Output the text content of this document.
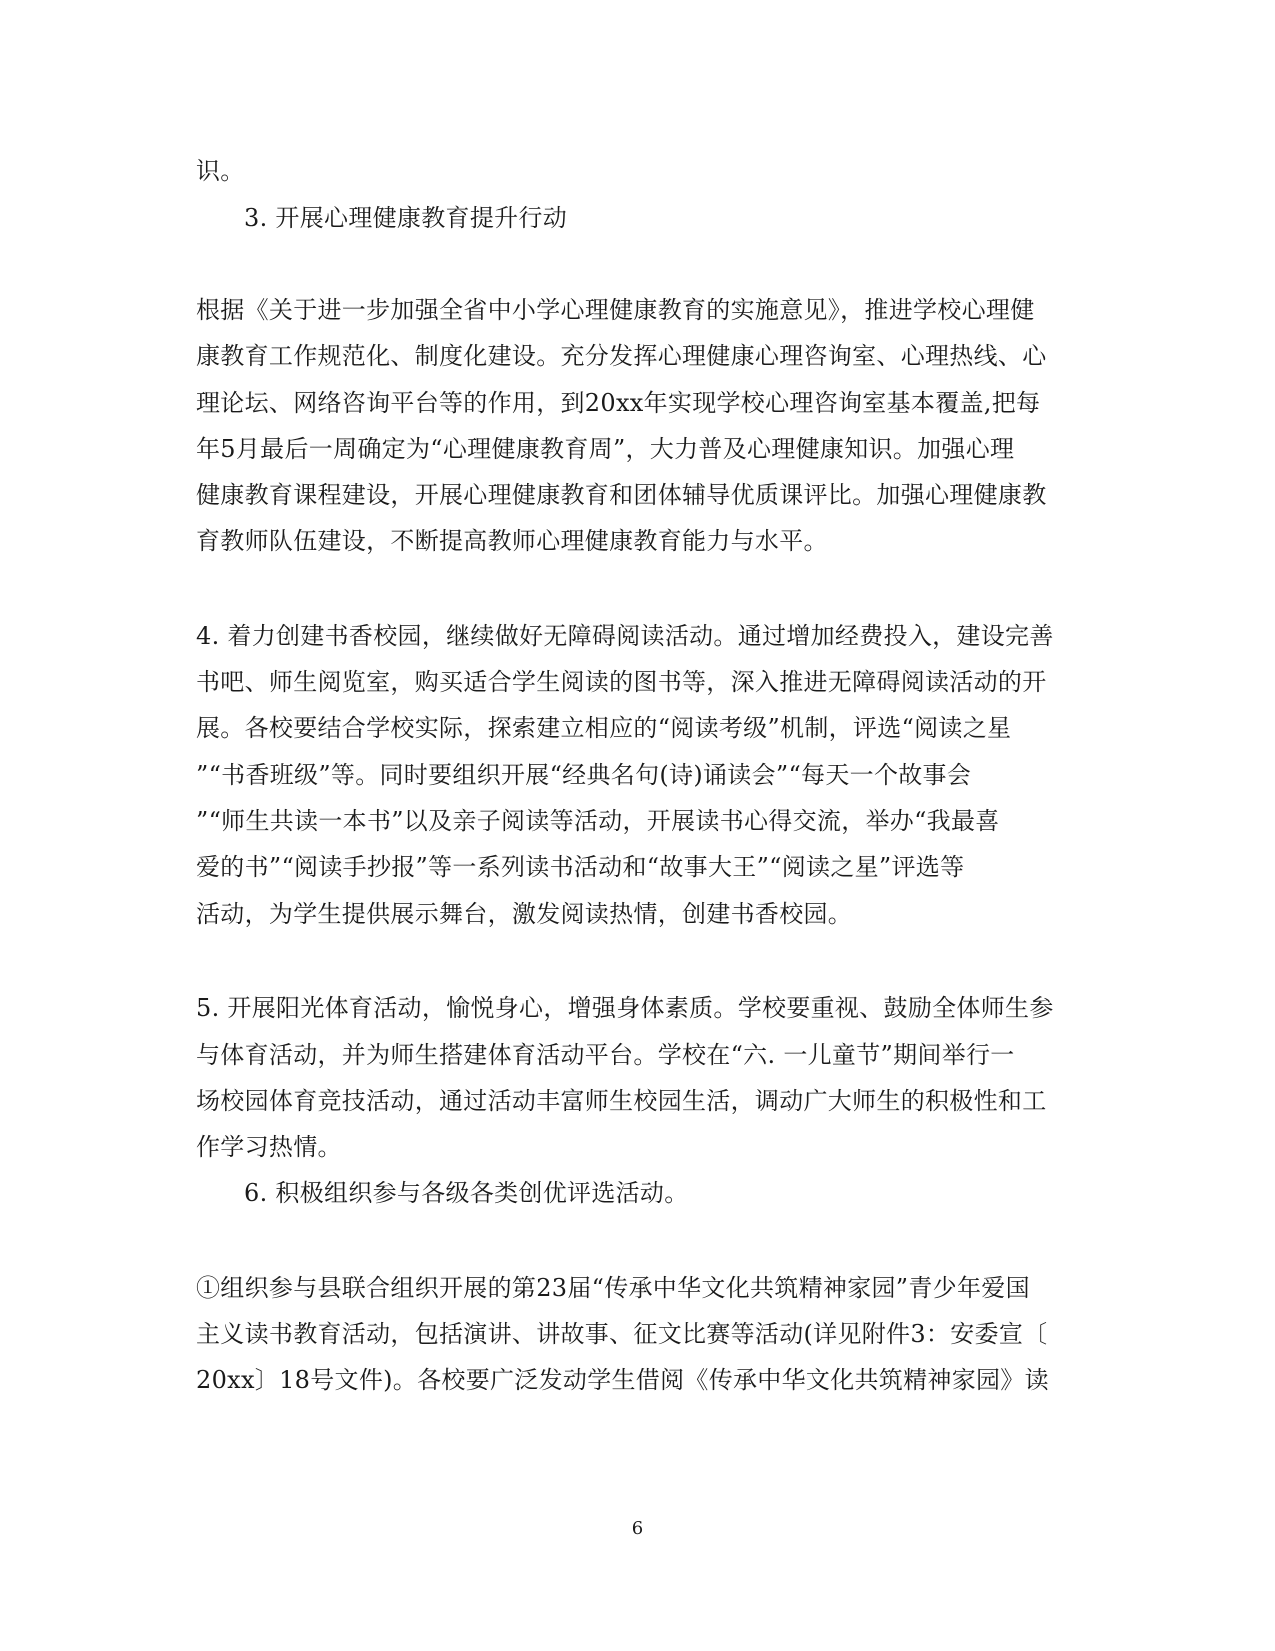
识。
3. 开展心理健康教育提升行动
根据《关于进一步加强全省中小学心理健康教育的实施意见》，推进学校心理健
康教育工作规范化、制度化建设。充分发挥心理健康心理咨询室、心理热线、心
理论坛、网络咨询平台等的作用，到20xx年实现学校心理咨询室基本覆盖,把每
年5月最后一周确定为“心理健康教育周”，大力普及心理健康知识。加强心理
健康教育课程建设，开展心理健康教育和团体辅导优质课评比。加强心理健康教
育教师队伍建设，不断提高教师心理健康教育能力与水平。
4. 着力创建书香校园，继续做好无障碍阅读活动。通过增加经费投入，建设完善
书吧、师生阅览室，购买适合学生阅读的图书等，深入推进无障碍阅读活动的开
展。各校要结合学校实际，探索建立相应的“阅读考级”机制，评选“阅读之星
”“书香班级”等。同时要组织开展“经典名句(诗)诵读会”“每天一个故事会
”“师生共读一本书”以及亲子阅读等活动，开展读书心得交流，举办“我最喜
爱的书”“阅读手抄报”等一系列读书活动和“故事大王”“阅读之星”评选等
活动，为学生提供展示舞台，激发阅读热情，创建书香校园。
5. 开展阳光体育活动，愉悦身心，增强身体素质。学校要重视、鼓励全体师生参
与体育活动，并为师生搭建体育活动平台。学校在“六. 一儿童节”期间举行一
场校园体育竞技活动，通过活动丰富师生校园生活，调动广大师生的积极性和工
作学习热情。
6. 积极组织参与各级各类创优评选活动。
①组织参与县联合组织开展的第23届“传承中华文化共筑精神家园”青少年爱国
主义读书教育活动，包括演讲、讲故事、征文比赛等活动(详见附件3：安委宣〔
20xx〕18号文件)。各校要广泛发动学生借阅《传承中华文化共筑精神家园》读
6
